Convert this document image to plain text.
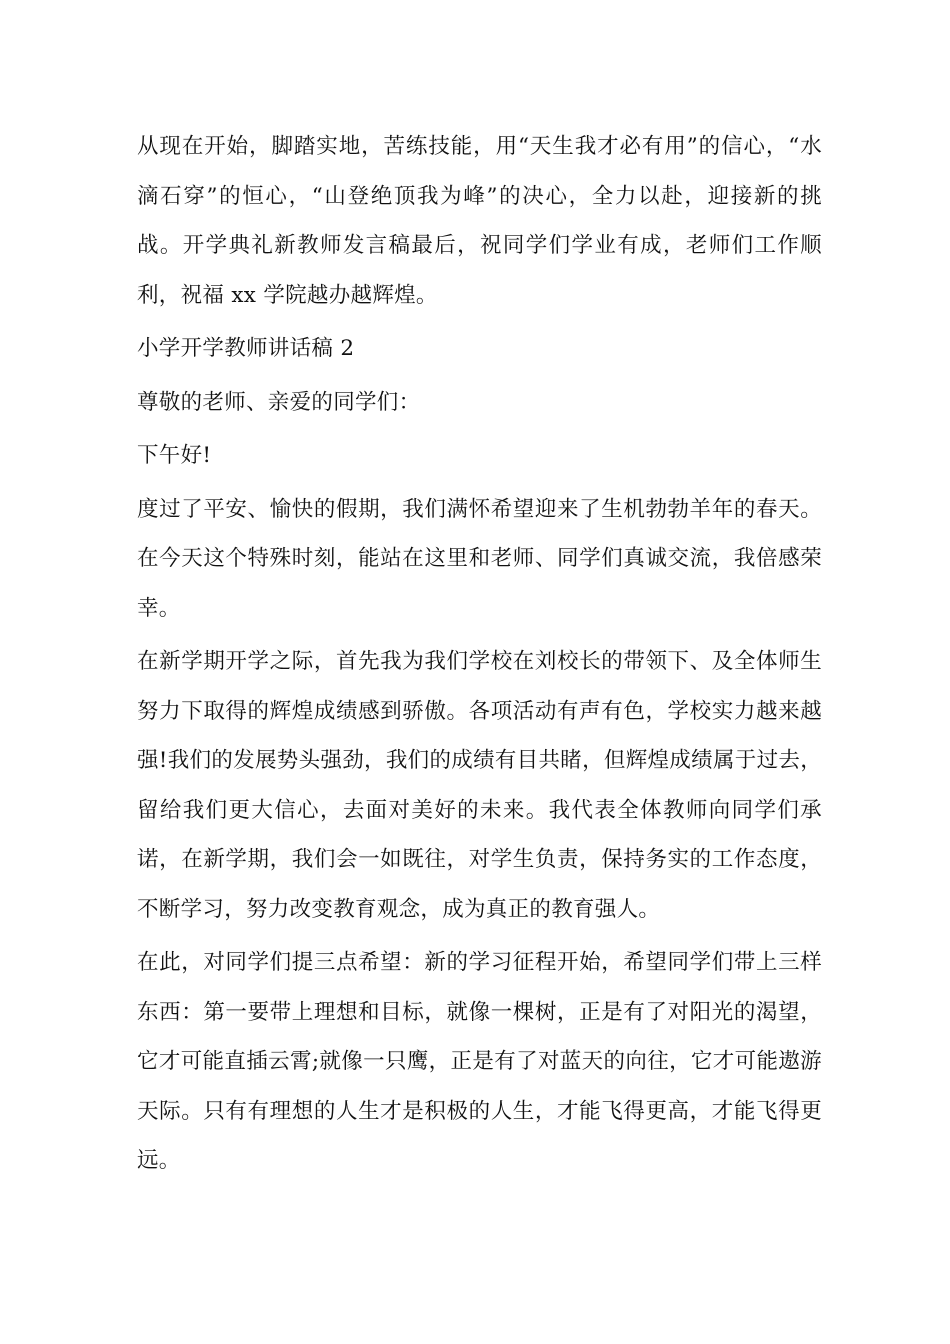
从现在开始，脚踏实地，苦练技能，用“天生我才必有用”的信心，“水滴石穿”的恒心，“山登绝顶我为峰”的决心，全力以赴，迎接新的挑战。开学典礼新教师发言稿最后，祝同学们学业有成，老师们工作顺利，祝福 xx 学院越办越辉煌。

小学开学教师讲话稿 2

尊敬的老师、亲爱的同学们：

下午好!

度过了平安、愉快的假期，我们满怀希望迎来了生机勃勃羊年的春天。在今天这个特殊时刻，能站在这里和老师、同学们真诚交流，我倍感荣幸。

在新学期开学之际，首先我为我们学校在刘校长的带领下、及全体师生努力下取得的辉煌成绩感到骄傲。各项活动有声有色，学校实力越来越强!我们的发展势头强劲，我们的成绩有目共睹，但辉煌成绩属于过去，留给我们更大信心，去面对美好的未来。我代表全体教师向同学们承诺，在新学期，我们会一如既往，对学生负责，保持务实的工作态度，不断学习，努力改变教育观念，成为真正的教育强人。

在此，对同学们提三点希望：新的学习征程开始，希望同学们带上三样东西：第一要带上理想和目标，就像一棵树，正是有了对阳光的渴望，它才可能直插云霄;就像一只鹰，正是有了对蓝天的向往，它才可能遨游天际。只有有理想的人生才是积极的人生，才能飞得更高，才能飞得更远。
